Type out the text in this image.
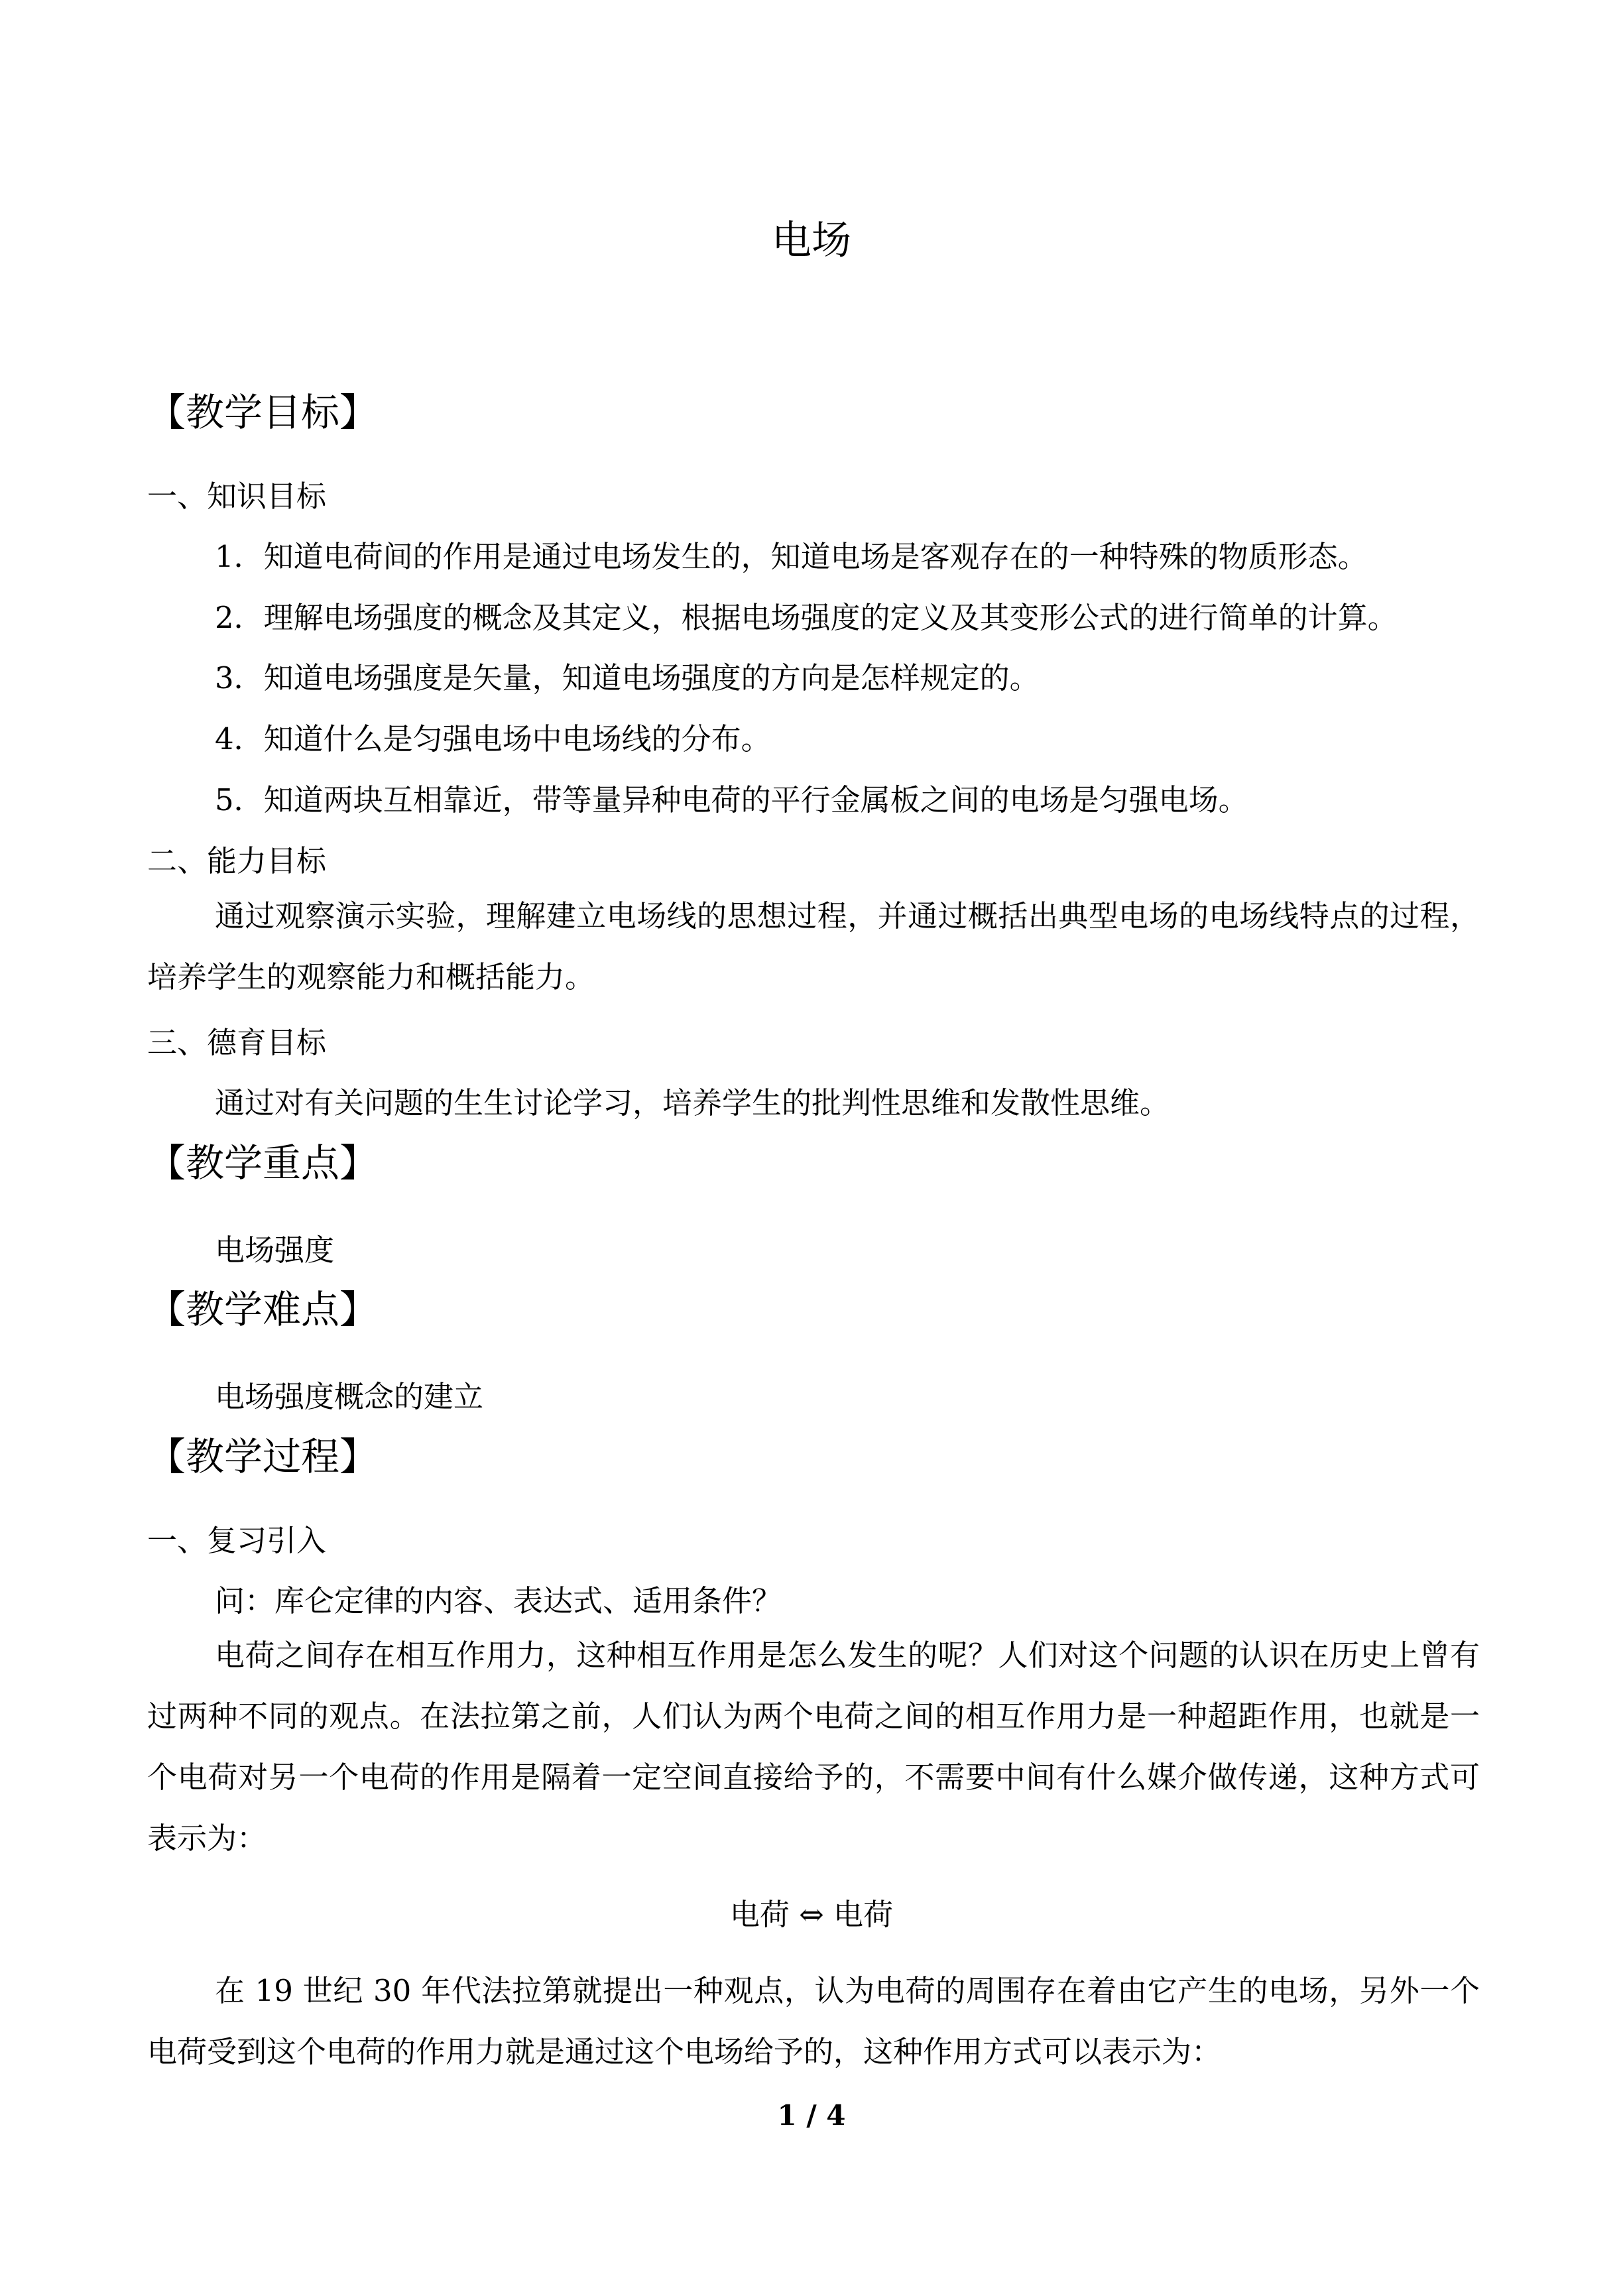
电场
【教学目标】
一、知识目标
1．知道电荷间的作用是通过电场发生的，知道电场是客观存在的一种特殊的物质形态。
2．理解电场强度的概念及其定义，根据电场强度的定义及其变形公式的进行简单的计算。
3．知道电场强度是矢量，知道电场强度的方向是怎样规定的。
4．知道什么是匀强电场中电场线的分布。
5．知道两块互相靠近，带等量异种电荷的平行金属板之间的电场是匀强电场。
二、能力目标

通过观察演示实验，理解建立电场线的思想过程，并通过概括出典型电场的电场线特点的过程，培养学生的观察能力和概括能力。

三、德育目标
通过对有关问题的生生讨论学习，培养学生的批判性思维和发散性思维。
【教学重点】
电场强度
【教学难点】
电场强度概念的建立
【教学过程】
一、复习引入
问：库仑定律的内容、表达式、适用条件？

电荷之间存在相互作用力，这种相互作用是怎么发生的呢？人们对这个问题的认识在历史上曾有过两种不同的观点。在法拉第之前，人们认为两个电荷之间的相互作用力是一种超距作用，也就是一个电荷对另一个电荷的作用是隔着一定空间直接给予的，不需要中间有什么媒介做传递，这种方式可表示为：

电荷 ⇔ 电荷

在 19 世纪 30 年代法拉第就提出一种观点，认为电荷的周围存在着由它产生的电场，另外一个电荷受到这个电荷的作用力就是通过这个电场给予的，这种作用方式可以表示为：

1 / 4
